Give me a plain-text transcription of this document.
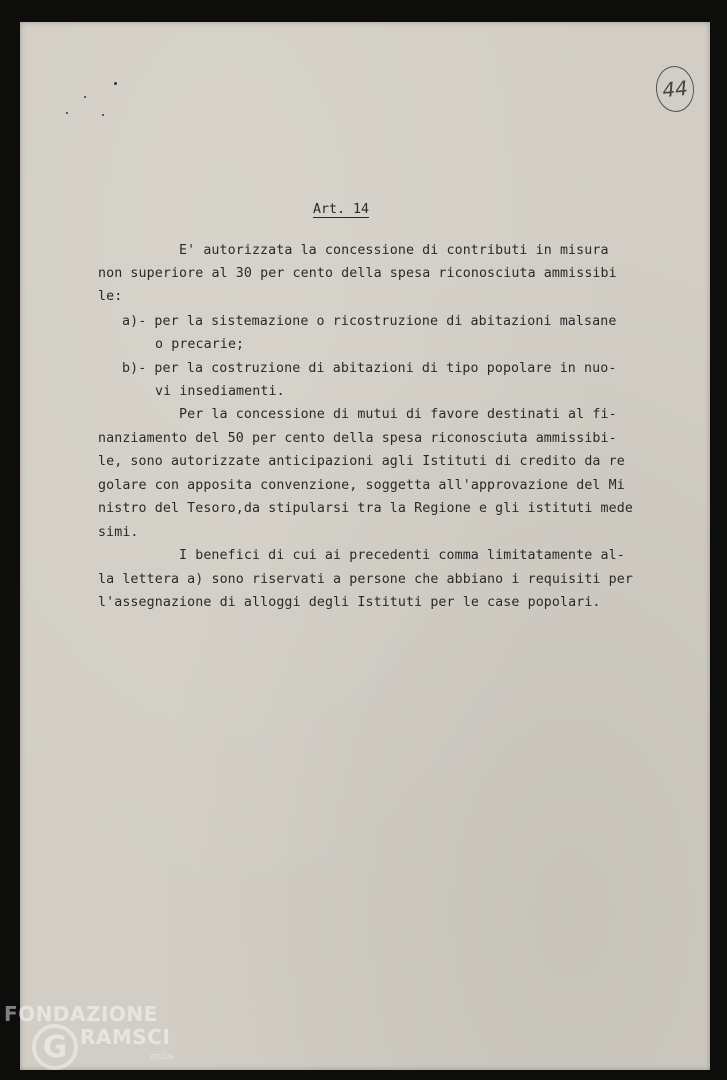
44
Art. 14

E' autorizzata la concessione di contributi in misura

non superiore al 30 per cento della spesa riconosciuta ammissibi

le:

a)- per la sistemazione o ricostruzione di abitazioni malsane

o precarie;

b)- per la costruzione di abitazioni di tipo popolare in nuo-

vi insediamenti.

Per la concessione di mutui di favore destinati al fi-

nanziamento del 50 per cento della spesa riconosciuta ammissibi-

le, sono autorizzate anticipazioni agli Istituti di credito da re

golare con apposita convenzione, soggetta all'approvazione del Mi

nistro del Tesoro,da stipularsi tra la Regione e gli istituti mede

simi.

I benefici di cui ai precedenti comma limitatamente al-

la lettera a) sono riservati a persone che abbiano i requisiti per

l'assegnazione di alloggi degli Istituti per le case popolari.

FONDAZIONE
G RAMSCI
onlus
